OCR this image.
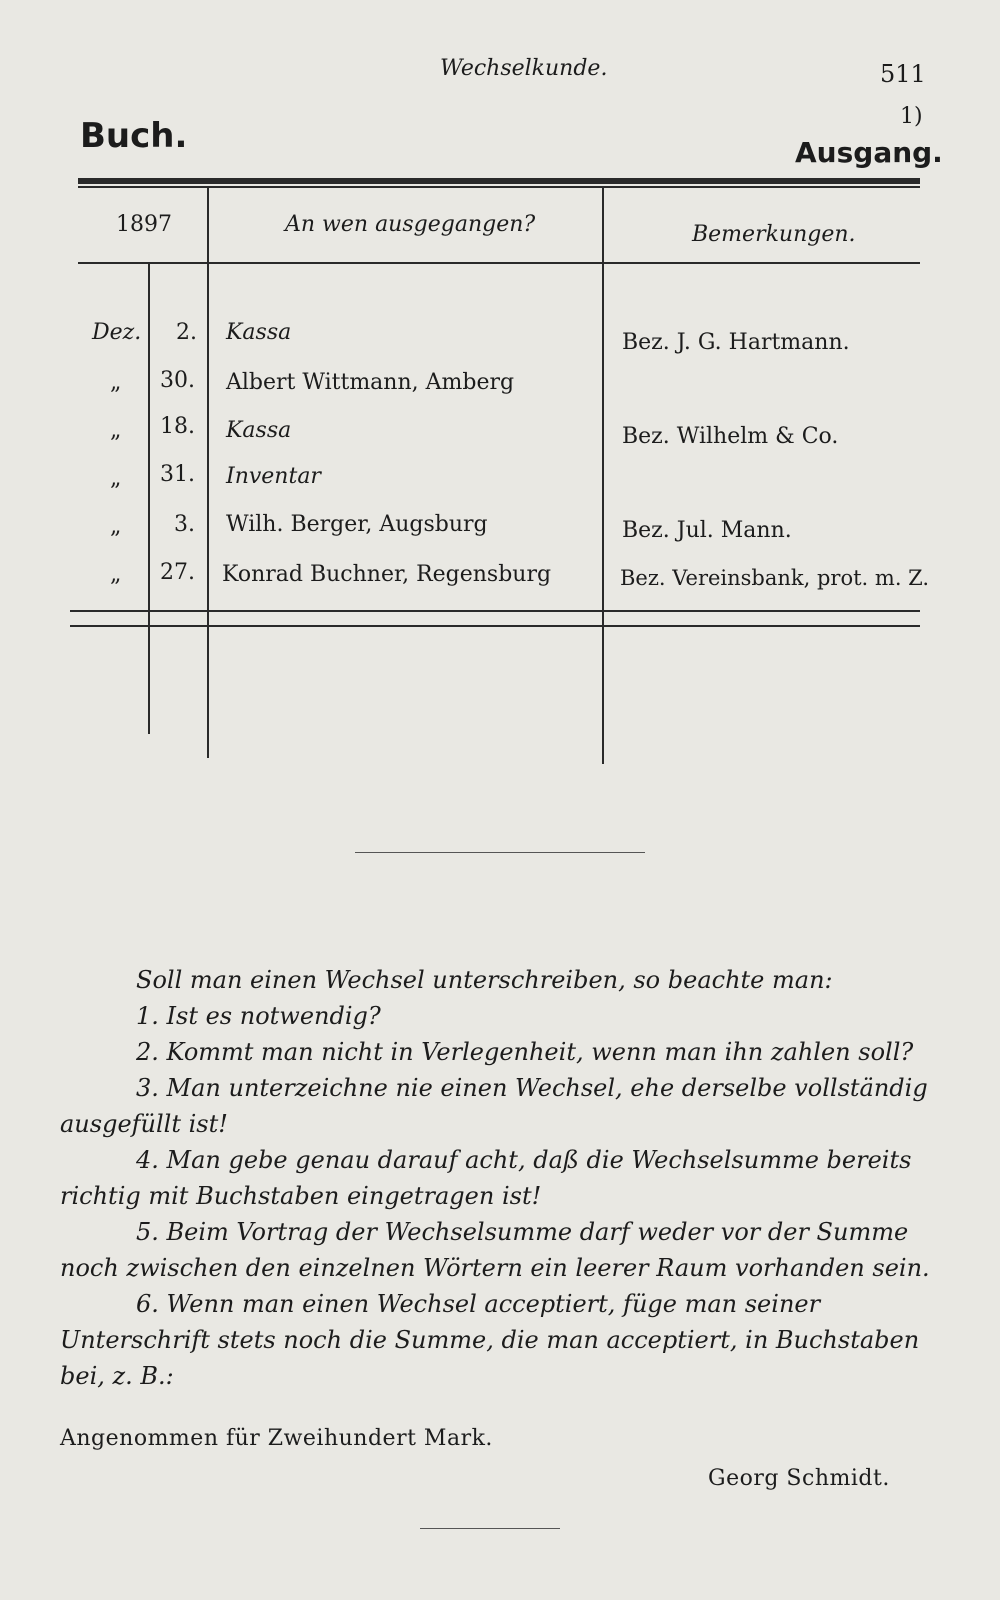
Wechselkunde.	511
1)
Buch.	Ausgang.
1897	An wen ausgegangen?	Bemerkungen.
Dez. 2. Kassa	Bez. J. G. Hartmann.
„ 30. Albert Wittmann, Amberg
„ 18. Kassa	Bez. Wilhelm & Co.
„ 31. Inventar
„ 3. Wilh. Berger, Augsburg	Bez. Jul. Mann.
„ 27. Konrad Buchner, Regensburg	Bez. Vereinsbank, prot. m. Z.

Soll man einen Wechsel unterschreiben, so beachte man:

1. Ist es notwendig?

2. Kommt man nicht in Verlegenheit, wenn man ihn zahlen soll?

3. Man unterzeichne nie einen Wechsel, ehe derselbe vollständig ausgefüllt ist!

4. Man gebe genau darauf acht, daß die Wechselsumme bereits richtig mit Buchstaben eingetragen ist!

5. Beim Vortrag der Wechselsumme darf weder vor der Summe noch zwischen den einzelnen Wörtern ein leerer Raum vorhanden sein.

6. Wenn man einen Wechsel acceptiert, füge man seiner Unterschrift stets noch die Summe, die man acceptiert, in Buchstaben bei, z. B.:

Angenommen für Zweihundert Mark.
Georg Schmidt.
